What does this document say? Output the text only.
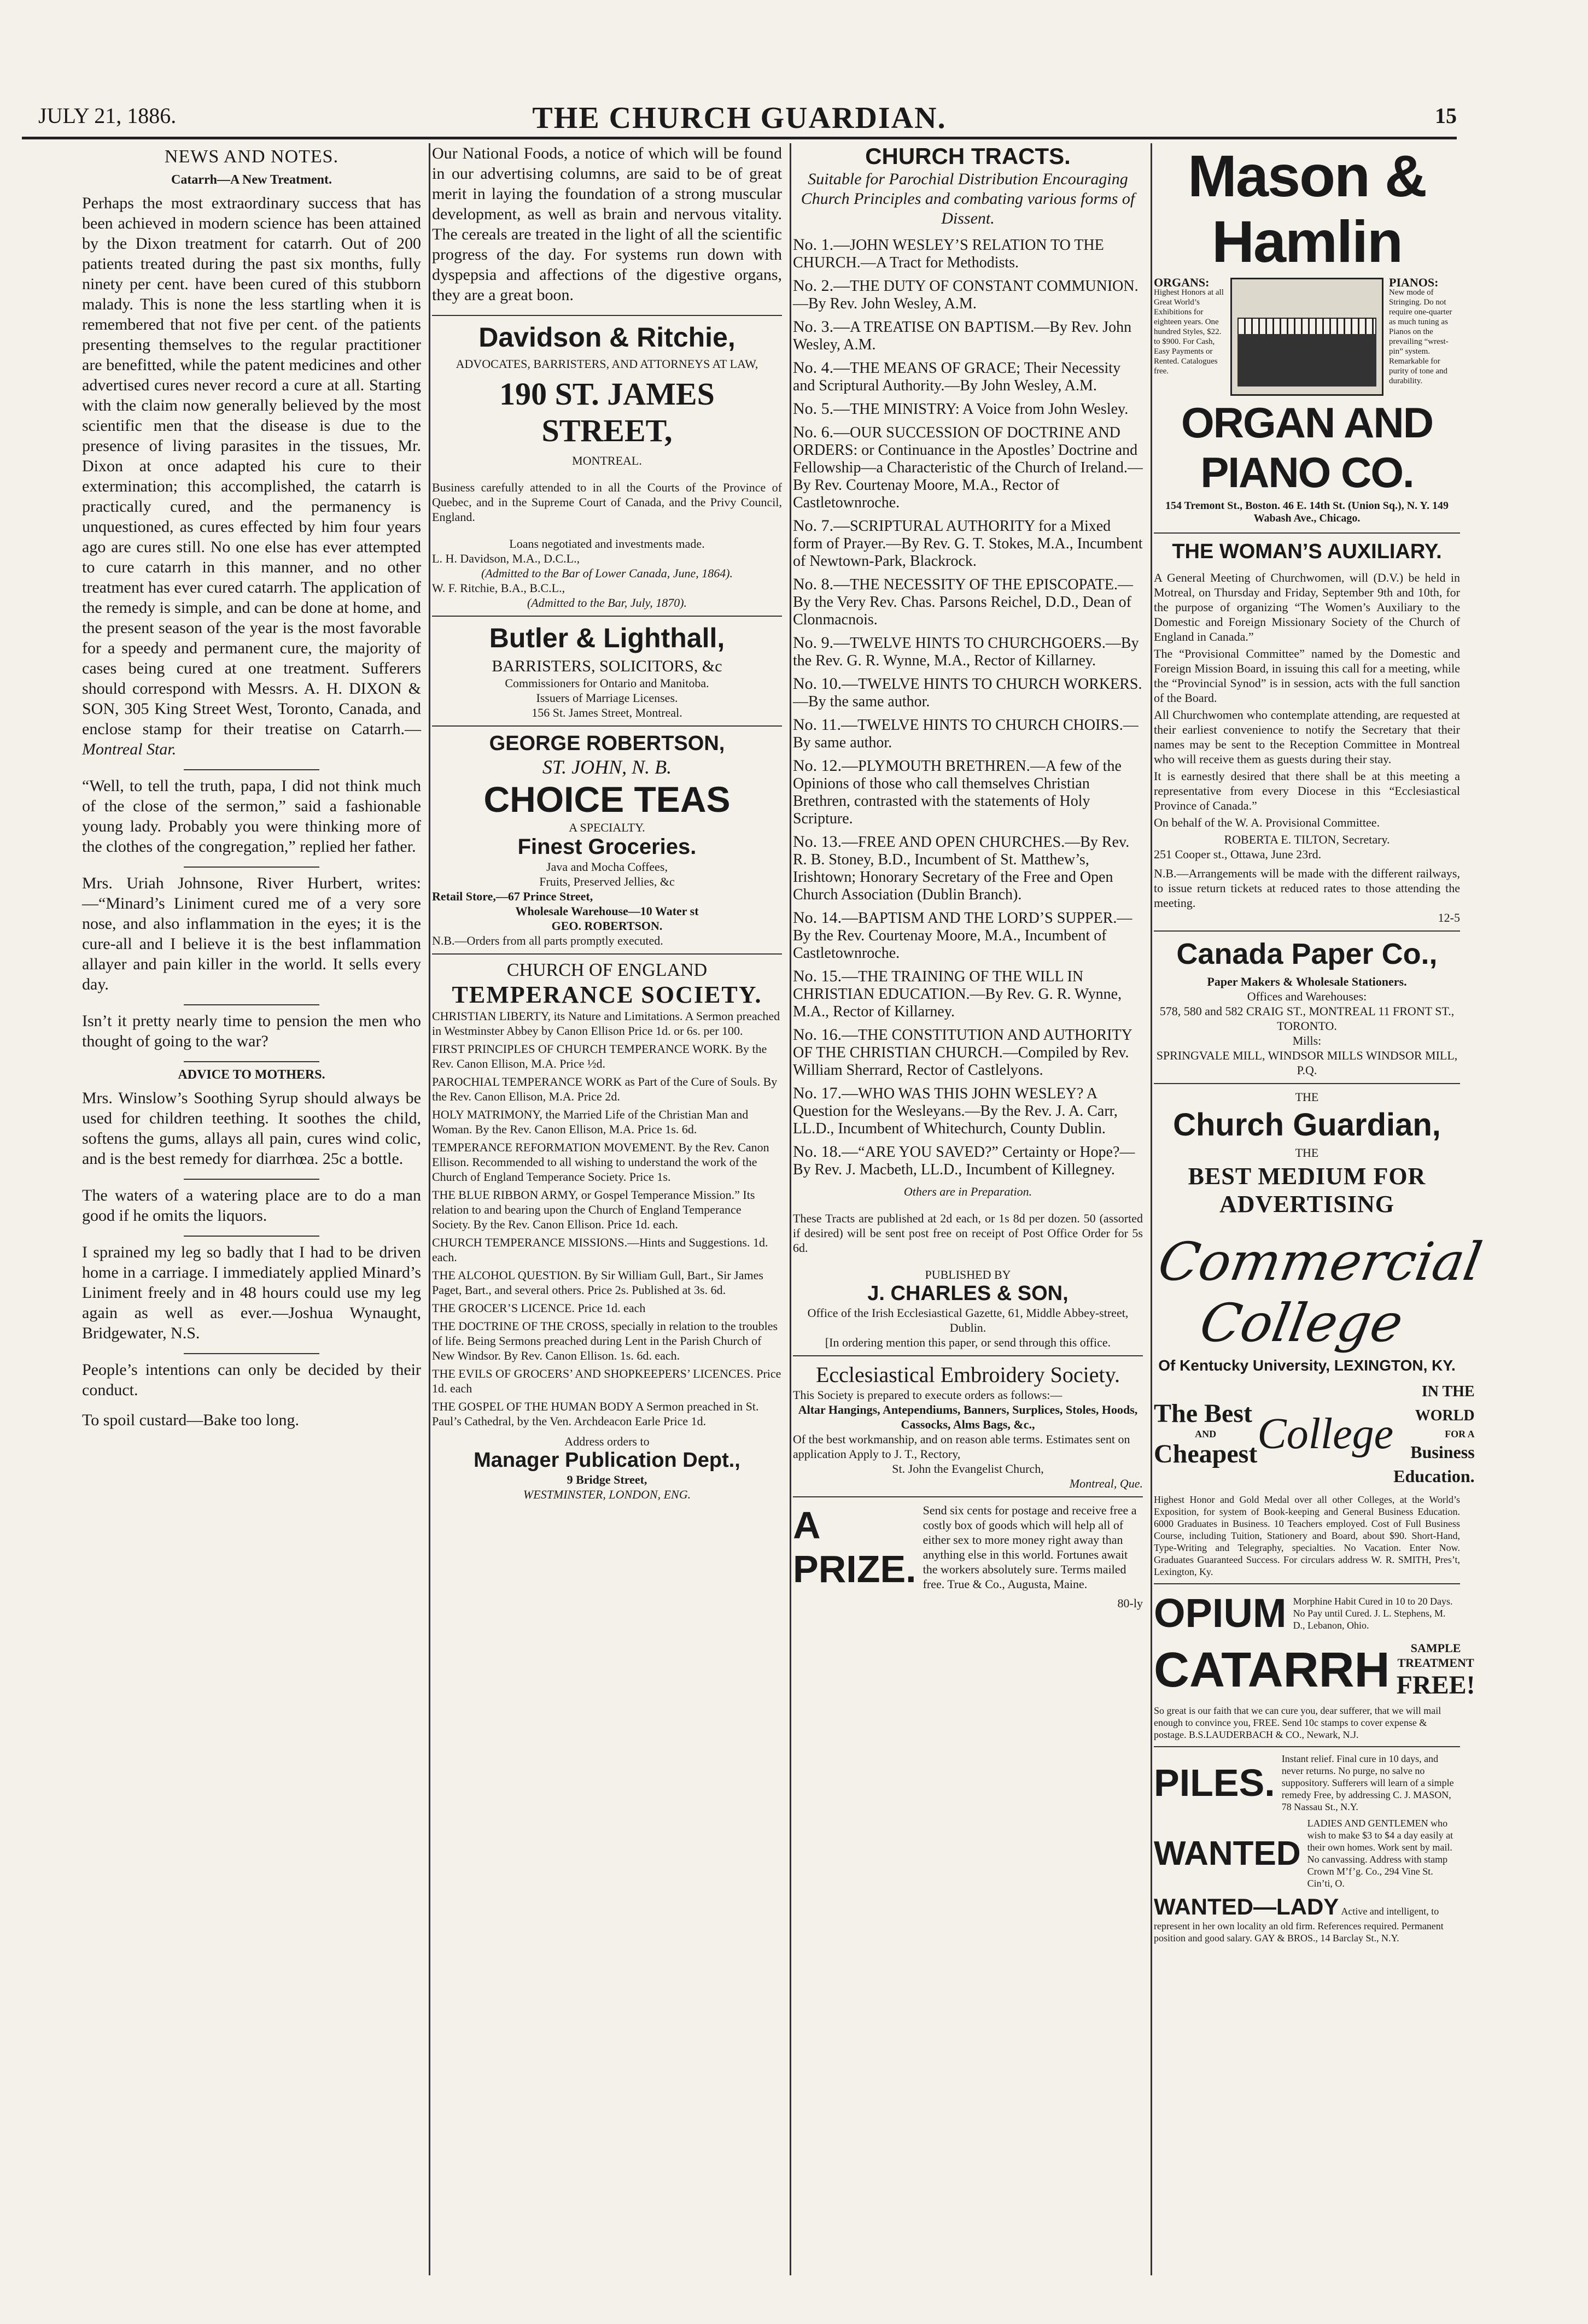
JULY 21, 1886.	THE CHURCH GUARDIAN.	15
NEWS AND NOTES.
Catarrh—A New Treatment.

Perhaps the most extraordinary success that has been achieved in modern science has been attained by the Dixon treatment for catarrh. Out of 200 patients treated during the past six months, fully ninety per cent. have been cured of this stubborn malady. This is none the less startling when it is remembered that not five per cent. of the patients presenting themselves to the regular practitioner are benefitted, while the patent medicines and other advertised cures never record a cure at all. Starting with the claim now generally believed by the most scientific men that the disease is due to the presence of living parasites in the tissues, Mr. Dixon at once adapted his cure to their extermination; this accomplished, the catarrh is practically cured, and the permanency is unquestioned, as cures effected by him four years ago are cures still. No one else has ever attempted to cure catarrh in this manner, and no other treatment has ever cured catarrh. The application of the remedy is simple, and can be done at home, and the present season of the year is the most favorable for a speedy and permanent cure, the majority of cases being cured at one treatment. Sufferers should correspond with Messrs. A. H. DIXON & SON, 305 King Street West, Toronto, Canada, and enclose stamp for their treatise on Catarrh.— Montreal Star.

“Well, to tell the truth, papa, I did not think much of the close of the sermon,” said a fashionable young lady. Probably you were thinking more of the clothes of the congregation,” replied her father.

Mrs. Uriah Johnsone, River Hurbert, writes:—“Minard’s Liniment cured me of a very sore nose, and also inflammation in the eyes; it is the cure-all and I believe it is the best inflammation allayer and pain killer in the world. It sells every day.

Isn’t it pretty nearly time to pension the men who thought of going to the war?

ADVICE TO MOTHERS.

Mrs. Winslow’s Soothing Syrup should always be used for children teething. It soothes the child, softens the gums, allays all pain, cures wind colic, and is the best remedy for diarrhœa. 25c a bottle.

The waters of a watering place are to do a man good if he omits the liquors.

I sprained my leg so badly that I had to be driven home in a carriage. I immediately applied Minard’s Liniment freely and in 48 hours could use my leg again as well as ever.—Joshua Wynaught, Bridgewater, N.S.

People’s intentions can only be decided by their conduct.

To spoil custard—Bake too long.

Our National Foods, a notice of which will be found in our advertising columns, are said to be of great merit in laying the foundation of a strong muscular development, as well as brain and nervous vitality. The cereals are treated in the light of all the scientific progress of the day. For systems run down with dyspepsia and affections of the digestive organs, they are a great boon.

Davidson & Ritchie,
ADVOCATES, BARRISTERS, AND ATTORNEYS AT LAW,
190 ST. JAMES STREET,
MONTREAL.

Business carefully attended to in all the Courts of the Province of Quebec, and in the Supreme Court of Canada, and the Privy Council, England.

Loans negotiated and investments made.
L. H. Davidson, M.A., D.C.L.,
(Admitted to the Bar of Lower Canada, June, 1864).
W. F. Ritchie, B.A., B.C.L.,
(Admitted to the Bar, July, 1870).
Butler & Lighthall,
BARRISTERS, SOLICITORS, &c
Commissioners for Ontario and Manitoba.
Issuers of Marriage Licenses.
156 St. James Street, Montreal.
GEORGE ROBERTSON,
ST. JOHN, N. B.
CHOICE TEAS
A SPECIALTY.
Finest Groceries.
Java and Mocha Coffees,
Fruits, Preserved Jellies, &c
Retail Store,—67 Prince Street,
Wholesale Warehouse—10 Water st
GEO. ROBERTSON.
N.B.—Orders from all parts promptly executed.
CHURCH OF ENGLAND
TEMPERANCE SOCIETY.

CHRISTIAN LIBERTY, its Nature and Limitations. A Sermon preached in Westminster Abbey by Canon Ellison Price 1d. or 6s. per 100.

FIRST PRINCIPLES OF CHURCH TEMPERANCE WORK. By the Rev. Canon Ellison, M.A. Price ½d.

PAROCHIAL TEMPERANCE WORK as Part of the Cure of Souls. By the Rev. Canon Ellison, M.A. Price 2d.

HOLY MATRIMONY, the Married Life of the Christian Man and Woman. By the Rev. Canon Ellison, M.A. Price 1s. 6d.

TEMPERANCE REFORMATION MOVEMENT. By the Rev. Canon Ellison. Recommended to all wishing to understand the work of the Church of England Temperance Society. Price 1s.

THE BLUE RIBBON ARMY, or Gospel Temperance Mission.” Its relation to and bearing upon the Church of England Temperance Society. By the Rev. Canon Ellison. Price 1d. each.

CHURCH TEMPERANCE MISSIONS.—Hints and Suggestions. 1d. each.

THE ALCOHOL QUESTION. By Sir William Gull, Bart., Sir James Paget, Bart., and several others. Price 2s. Published at 3s. 6d.

THE GROCER’S LICENCE. Price 1d. each

THE DOCTRINE OF THE CROSS, specially in relation to the troubles of life. Being Sermons preached during Lent in the Parish Church of New Windsor. By Rev. Canon Ellison. 1s. 6d. each.

THE EVILS OF GROCERS’ AND SHOPKEEPERS’ LICENCES. Price 1d. each

THE GOSPEL OF THE HUMAN BODY A Sermon preached in St. Paul’s Cathedral, by the Ven. Archdeacon Earle Price 1d.

Address orders to
Manager Publication Dept.,
9 Bridge Street,
WESTMINSTER, LONDON, ENG.
CHURCH TRACTS.
Suitable for Parochial Distribution Encouraging Church Principles and combating various forms of Dissent.
No. 1.—JOHN WESLEY’S RELATION TO THE CHURCH.—A Tract for Methodists.
No. 2.—THE DUTY OF CONSTANT COMMUNION.—By Rev. John Wesley, A.M.
No. 3.—A TREATISE ON BAPTISM.—By Rev. John Wesley, A.M.
No. 4.—THE MEANS OF GRACE; Their Necessity and Scriptural Authority.—By John Wesley, A.M.
No. 5.—THE MINISTRY: A Voice from John Wesley.
No. 6.—OUR SUCCESSION OF DOCTRINE AND ORDERS: or Continuance in the Apostles’ Doctrine and Fellowship—a Characteristic of the Church of Ireland.—By Rev. Courtenay Moore, M.A., Rector of Castletownroche.
No. 7.—SCRIPTURAL AUTHORITY for a Mixed form of Prayer.—By Rev. G. T. Stokes, M.A., Incumbent of Newtown-Park, Blackrock.
No. 8.—THE NECESSITY OF THE EPISCOPATE.—By the Very Rev. Chas. Parsons Reichel, D.D., Dean of Clonmacnois.
No. 9.—TWELVE HINTS TO CHURCHGOERS.—By the Rev. G. R. Wynne, M.A., Rector of Killarney.
No. 10.—TWELVE HINTS TO CHURCH WORKERS.—By the same author.
No. 11.—TWELVE HINTS TO CHURCH CHOIRS.—By same author.
No. 12.—PLYMOUTH BRETHREN.—A few of the Opinions of those who call themselves Christian Brethren, contrasted with the statements of Holy Scripture.
No. 13.—FREE AND OPEN CHURCHES.—By Rev. R. B. Stoney, B.D., Incumbent of St. Matthew’s, Irishtown; Honorary Secretary of the Free and Open Church Association (Dublin Branch).
No. 14.—BAPTISM AND THE LORD’S SUPPER.—By the Rev. Courtenay Moore, M.A., Incumbent of Castletownroche.
No. 15.—THE TRAINING OF THE WILL IN CHRISTIAN EDUCATION.—By Rev. G. R. Wynne, M.A., Rector of Killarney.
No. 16.—THE CONSTITUTION AND AUTHORITY OF THE CHRISTIAN CHURCH.—Compiled by Rev. William Sherrard, Rector of Castlelyons.
No. 17.—WHO WAS THIS JOHN WESLEY? A Question for the Wesleyans.—By the Rev. J. A. Carr, LL.D., Incumbent of Whitechurch, County Dublin.
No. 18.—“ARE YOU SAVED?” Certainty or Hope?—By Rev. J. Macbeth, LL.D., Incumbent of Killegney.
Others are in Preparation.

These Tracts are published at 2d each, or 1s 8d per dozen. 50 (assorted if desired) will be sent post free on receipt of Post Office Order for 5s 6d.

PUBLISHED BY
J. CHARLES & SON,
Office of the Irish Ecclesiastical Gazette, 61, Middle Abbey-street, Dublin.
[In ordering mention this paper, or send through this office.
Ecclesiastical Embroidery Society.
This Society is prepared to execute orders as follows:—
Altar Hangings, Antependiums, Banners, Surplices, Stoles, Hoods, Cassocks, Alms Bags, &c.,
Of the best workmanship, and on reason able terms. Estimates sent on application Apply to J. T., Rectory,
St. John the Evangelist Church,
Montreal, Que.
A PRIZE.
Send six cents for postage and receive free a costly box of goods which will help all of either sex to more money right away than anything else in this world. Fortunes await the workers absolutely sure. Terms mailed free. True & Co., Augusta, Maine.
80-ly
Mason & Hamlin
ORGANS:
Highest Honors at all Great World’s Exhibitions for eighteen years. One hundred Styles, $22. to $900. For Cash, Easy Payments or Rented. Catalogues free.
PIANOS:
New mode of Stringing. Do not require one-quarter as much tuning as Pianos on the prevailing “wrest-pin” system. Remarkable for purity of tone and durability.
ORGAN AND PIANO CO.
154 Tremont St., Boston. 46 E. 14th St. (Union Sq.), N. Y. 149 Wabash Ave., Chicago.
THE WOMAN’S AUXILIARY.

A General Meeting of Churchwomen, will (D.V.) be held in Motreal, on Thursday and Friday, September 9th and 10th, for the purpose of organizing “The Women’s Auxiliary to the Domestic and Foreign Missionary Society of the Church of England in Canada.”

The “Provisional Committee” named by the Domestic and Foreign Mission Board, in issuing this call for a meeting, while the “Provincial Synod” is in session, acts with the full sanction of the Board.

All Churchwomen who contemplate attending, are requested at their earliest convenience to notify the Secretary that their names may be sent to the Reception Committee in Montreal who will receive them as guests during their stay.

It is earnestly desired that there shall be at this meeting a representative from every Diocese in this “Ecclesiastical Province of Canada.”

On behalf of the W. A. Provisional Committee.

ROBERTA E. TILTON, Secretary.
251 Cooper st., Ottawa, June 23rd.

N.B.—Arrangements will be made with the different railways, to issue return tickets at reduced rates to those attending the meeting.

12-5
Canada Paper Co.,
Paper Makers & Wholesale Stationers.
Offices and Warehouses:
578, 580 and 582 CRAIG ST., MONTREAL 11 FRONT ST., TORONTO.
Mills:
SPRINGVALE MILL, WINDSOR MILLS WINDSOR MILL, P.Q.
THE
Church Guardian,
THE
BEST MEDIUM FOR ADVERTISING
Commercial College
Of Kentucky University, LEXINGTON, KY.
The Best
AND
Cheapest College
IN THE WORLD
FOR A
Business Education.

Highest Honor and Gold Medal over all other Colleges, at the World’s Exposition, for system of Book-keeping and General Business Education. 6000 Graduates in Business. 10 Teachers employed. Cost of Full Business Course, including Tuition, Stationery and Board, about $90. Short-Hand, Type-Writing and Telegraphy, specialties. No Vacation. Enter Now. Graduates Guaranteed Success. For circulars address W. R. SMITH, Pres’t, Lexington, Ky.

OPIUM Morphine Habit Cured in 10 to 20 Days. No Pay until Cured. J. L. Stephens, M. D., Lebanon, Ohio.
CATARRH	SAMPLE TREATMENT
FREE!

So great is our faith that we can cure you, dear sufferer, that we will mail enough to convince you, FREE. Send 10c stamps to cover expense & postage. B.S.LAUDERBACH & CO., Newark, N.J.

PILES.
Instant relief. Final cure in 10 days, and never returns. No purge, no salve no suppository. Sufferers will learn of a simple remedy Free, by addressing C. J. MASON, 78 Nassau St., N.Y.
WANTED
LADIES AND GENTLEMEN who wish to make $3 to $4 a day easily at their own homes. Work sent by mail. No canvassing. Address with stamp Crown M’f’g. Co., 294 Vine St. Cin’ti, O.
WANTED—LADY Active and intelligent, to represent in her own locality an old firm. References required. Permanent position and good salary. GAY & BROS., 14 Barclay St., N.Y.
